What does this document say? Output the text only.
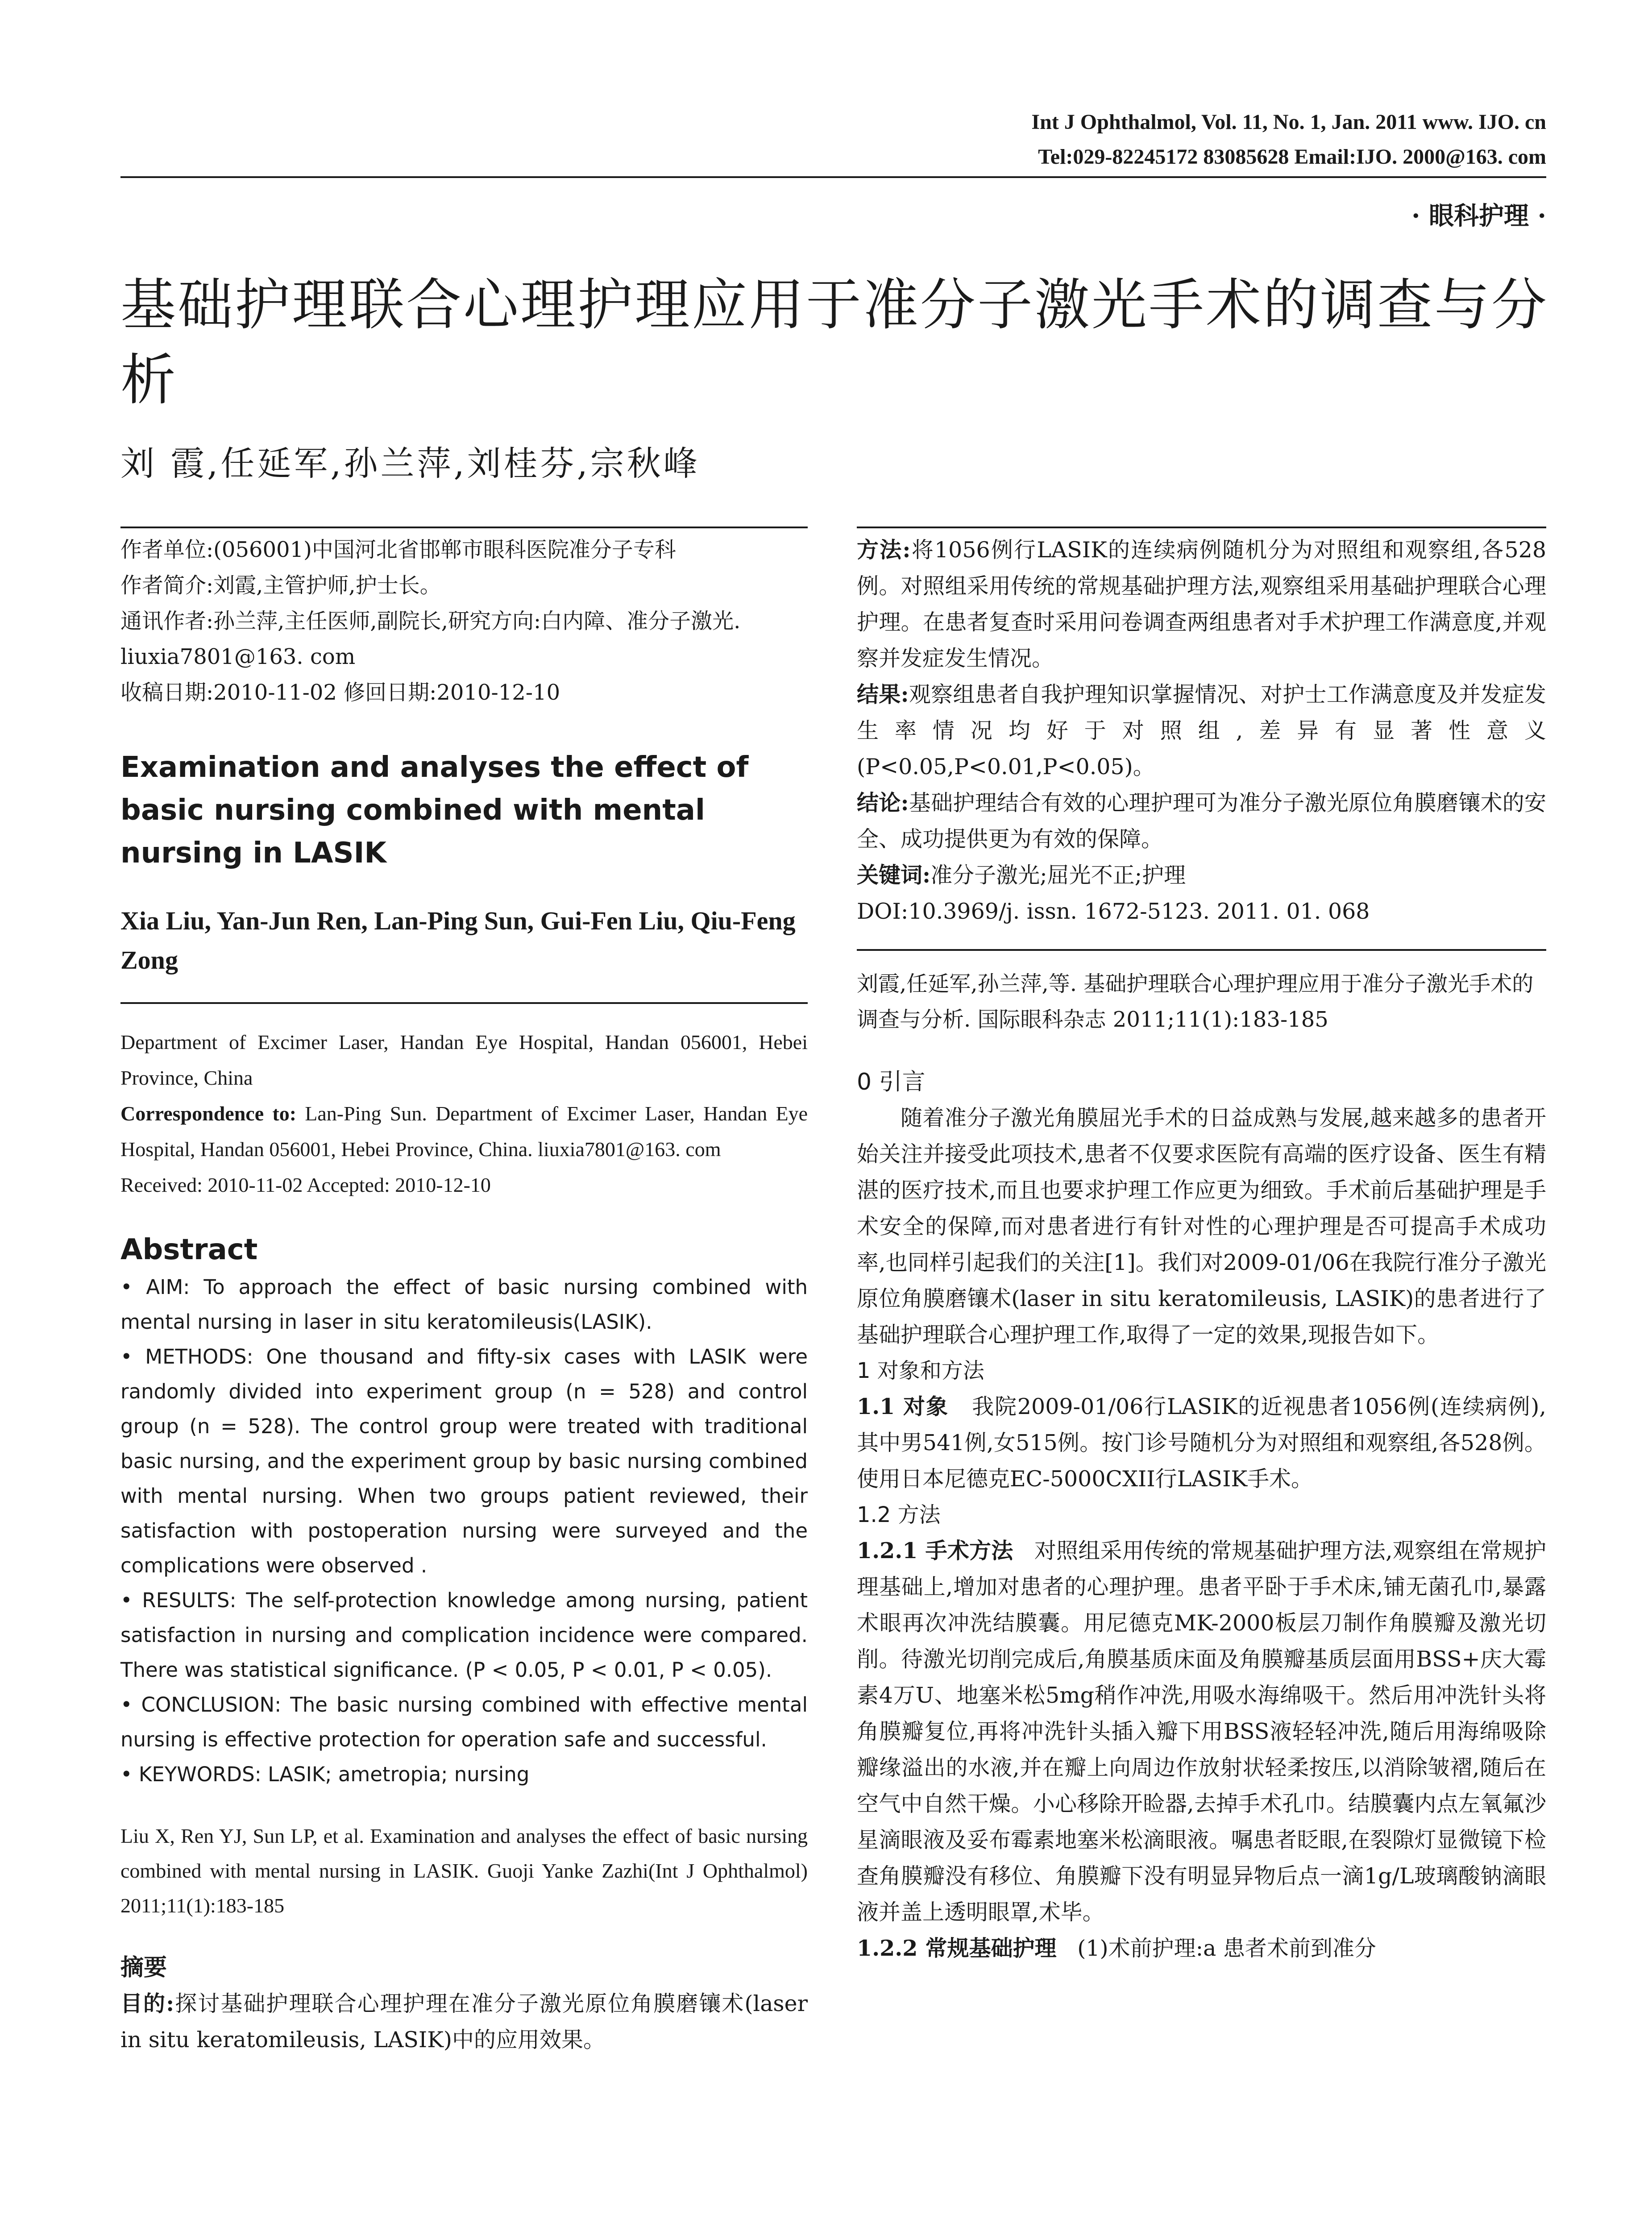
Int J Ophthalmol, Vol. 11, No. 1, Jan. 2011 www. IJO. cn
Tel:029-82245172 83085628 Email:IJO. 2000@163. com
· 眼科护理 ·
基础护理联合心理护理应用于准分子激光手术的调查与分析
刘 霞,任延军,孙兰萍,刘桂芬,宗秋峰
作者单位:(056001)中国河北省邯郸市眼科医院准分子专科
作者简介:刘霞,主管护师,护士长。
通讯作者:孙兰萍,主任医师,副院长,研究方向:白内障、准分子激光. liuxia7801@163. com
收稿日期:2010-11-02 修回日期:2010-12-10
Examination and analyses the effect of basic nursing combined with mental nursing in LASIK
Xia Liu, Yan-Jun Ren, Lan-Ping Sun, Gui-Fen Liu, Qiu-Feng Zong
Department of Excimer Laser, Handan Eye Hospital, Handan 056001, Hebei Province, China
Correspondence to: Lan-Ping Sun. Department of Excimer Laser, Handan Eye Hospital, Handan 056001, Hebei Province, China. liuxia7801@163. com
Received: 2010-11-02 Accepted: 2010-12-10
Abstract
• AIM: To approach the effect of basic nursing combined with mental nursing in laser in situ keratomileusis(LASIK).
• METHODS: One thousand and fifty-six cases with LASIK were randomly divided into experiment group (n = 528) and control group (n = 528). The control group were treated with traditional basic nursing, and the experiment group by basic nursing combined with mental nursing. When two groups patient reviewed, their satisfaction with postoperation nursing were surveyed and the complications were observed .
• RESULTS: The self-protection knowledge among nursing, patient satisfaction in nursing and complication incidence were compared. There was statistical significance. (P < 0.05, P < 0.01, P < 0.05).
• CONCLUSION: The basic nursing combined with effective mental nursing is effective protection for operation safe and successful.
• KEYWORDS: LASIK; ametropia; nursing
Liu X, Ren YJ, Sun LP, et al. Examination and analyses the effect of basic nursing combined with mental nursing in LASIK. Guoji Yanke Zazhi(Int J Ophthalmol) 2011;11(1):183-185
摘要
目的:探讨基础护理联合心理护理在准分子激光原位角膜磨镶术(laser in situ keratomileusis, LASIK)中的应用效果。
方法:将1056例行LASIK的连续病例随机分为对照组和观察组,各528例。对照组采用传统的常规基础护理方法,观察组采用基础护理联合心理护理。在患者复查时采用问卷调查两组患者对手术护理工作满意度,并观察并发症发生情况。
结果:观察组患者自我护理知识掌握情况、对护士工作满意度及并发症发生率情况均好于对照组,差异有显著性意义(P<0.05,P<0.01,P<0.05)。
结论:基础护理结合有效的心理护理可为准分子激光原位角膜磨镶术的安全、成功提供更为有效的保障。
关键词:准分子激光;屈光不正;护理
DOI:10.3969/j. issn. 1672-5123. 2011. 01. 068
刘霞,任延军,孙兰萍,等. 基础护理联合心理护理应用于准分子激光手术的调查与分析. 国际眼科杂志 2011;11(1):183-185
0 引言
随着准分子激光角膜屈光手术的日益成熟与发展,越来越多的患者开始关注并接受此项技术,患者不仅要求医院有高端的医疗设备、医生有精湛的医疗技术,而且也要求护理工作应更为细致。手术前后基础护理是手术安全的保障,而对患者进行有针对性的心理护理是否可提高手术成功率,也同样引起我们的关注[1]。我们对2009-01/06在我院行准分子激光原位角膜磨镶术(laser in situ keratomileusis, LASIK)的患者进行了基础护理联合心理护理工作,取得了一定的效果,现报告如下。
1 对象和方法
1.1 对象 我院2009-01/06行LASIK的近视患者1056例(连续病例),其中男541例,女515例。按门诊号随机分为对照组和观察组,各528例。使用日本尼德克EC-5000CXII行LASIK手术。
1.2 方法
1.2.1 手术方法 对照组采用传统的常规基础护理方法,观察组在常规护理基础上,增加对患者的心理护理。患者平卧于手术床,铺无菌孔巾,暴露术眼再次冲洗结膜囊。用尼德克MK-2000板层刀制作角膜瓣及激光切削。待激光切削完成后,角膜基质床面及角膜瓣基质层面用BSS+庆大霉素4万U、地塞米松5mg稍作冲洗,用吸水海绵吸干。然后用冲洗针头将角膜瓣复位,再将冲洗针头插入瓣下用BSS液轻轻冲洗,随后用海绵吸除瓣缘溢出的水液,并在瓣上向周边作放射状轻柔按压,以消除皱褶,随后在空气中自然干燥。小心移除开睑器,去掉手术孔巾。结膜囊内点左氧氟沙星滴眼液及妥布霉素地塞米松滴眼液。嘱患者眨眼,在裂隙灯显微镜下检查角膜瓣没有移位、角膜瓣下没有明显异物后点一滴1g/L玻璃酸钠滴眼液并盖上透明眼罩,术毕。
1.2.2 常规基础护理 (1)术前护理:a 患者术前到准分
